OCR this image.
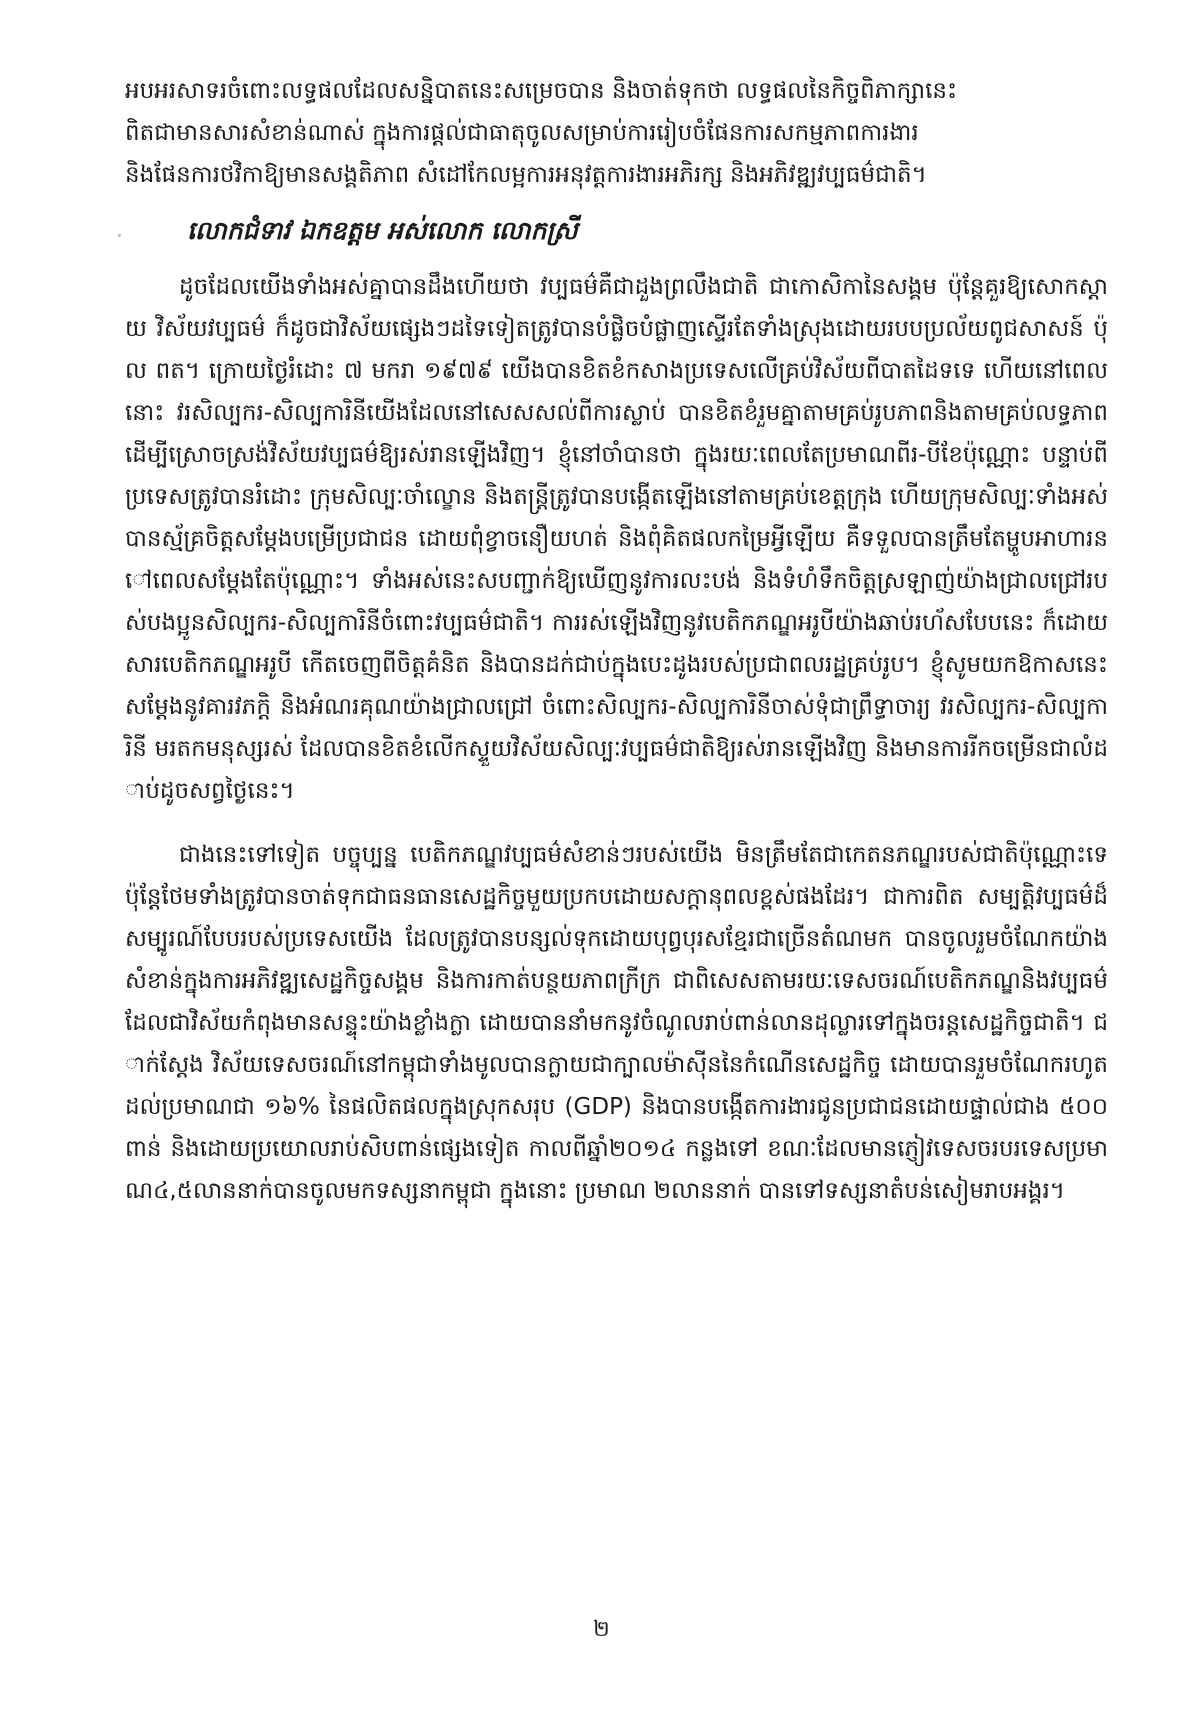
អបអរសាទរចំពោះលទ្ធផលដែលសន្និបាតនេះសម្រេចបាន និងចាត់ទុកថា លទ្ធផលនៃកិច្ចពិភាក្សានេះ
ពិតជាមានសារសំខាន់ណាស់ ក្នុងការផ្តល់ជាធាតុចូលសម្រាប់ការរៀបចំផែនការសកម្មភាពការងារ
និងផែនការថវិកាឱ្យមានសង្គតិភាព សំដៅកែលម្អការអនុវត្តការងារអភិរក្ស និងអភិវឌ្ឍវប្បធម៌ជាតិ។

លោកជំទាវ ឯកឧត្តម អស់លោក លោកស្រី

ដូចដែលយើងទាំងអស់គ្នាបានដឹងហើយថា វប្បធម៌គឺជាដួងព្រលឹងជាតិ ជាកោសិកានៃសង្គម ប៉ុន្តែគួរឱ្យសោកស្តាយ វិស័យវប្បធម៌ ក៏ដូចជាវិស័យផ្សេងៗដទៃទៀតត្រូវបានបំផ្លិចបំផ្លាញស្ទើរតែទាំងស្រុងដោយរបបប្រល័យពូជសាសន៍ ប៉ុល ពត។ ក្រោយថ្ងៃរំដោះ ៧ មករា ១៩៧៩ យើងបានខិតខំកសាងប្រទេសលើគ្រប់វិស័យពីបាតដៃទទេ ហើយនៅពេលនោះ វរសិល្បករ-សិល្បការិនីយើងដែលនៅសេសសល់ពីការស្លាប់ បានខិតខំរួមគ្នាតាមគ្រប់រូបភាពនិងតាមគ្រប់លទ្ធភាព ដើម្បីស្រោចស្រង់វិស័យវប្បធម៌ឱ្យរស់រានឡើងវិញ។ ខ្ញុំនៅចាំបានថា ក្នុងរយៈពេលតែប្រមាណពីរ-បីខែប៉ុណ្ណោះ បន្ទាប់ពីប្រទេសត្រូវបានរំដោះ ក្រុមសិល្បៈចាំល្ខោន និងតន្ត្រីត្រូវបានបង្កើតឡើងនៅតាមគ្រប់ខេត្តក្រុង ហើយក្រុមសិល្បៈទាំងអស់បានស្ម័គ្រចិត្តសម្តែងបម្រើប្រជាជន ដោយពុំខ្វាចនឿយហត់ និងពុំគិតផលកម្រៃអ្វីឡើយ គឺទទួលបានត្រឹមតែម្ហូបអាហារនៅពេលសម្តែងតែប៉ុណ្ណោះ។ ទាំងអស់នេះសបញ្ជាក់ឱ្យឃើញនូវការលះបង់ និងទំហំទឹកចិត្តស្រឡាញ់យ៉ាងជ្រាលជ្រៅរបស់បងប្អូនសិល្បករ-សិល្បការិនីចំពោះវប្បធម៌ជាតិ។ ការរស់ឡើងវិញនូវបេតិកភណ្ឌអរូបីយ៉ាងឆាប់រហ័សបែបនេះ ក៏ដោយសារបេតិកភណ្ឌអរូបី កើតចេញពីចិត្តគំនិត និងបានដក់ជាប់ក្នុងបេះដូងរបស់ប្រជាពលរដ្ឋគ្រប់រូប។ ខ្ញុំសូមយកឱកាសនេះ សម្តែងនូវគារវភក្តិ និងអំណរគុណយ៉ាងជ្រាលជ្រៅ ចំពោះសិល្បករ-សិល្បការិនីចាស់ទុំជាព្រឹទ្ធាចារ្យ វរសិល្បករ-សិល្បការិនី មរតកមនុស្សរស់ ដែលបានខិតខំលើកស្ទួយវិស័យសិល្បៈវប្បធម៌ជាតិឱ្យរស់រានឡើងវិញ និងមានការរីកចម្រើនជាលំដាប់ដូចសព្វថ្ងៃនេះ។

ជាងនេះទៅទៀត បច្ចុប្បន្ន បេតិកភណ្ឌវប្បធម៌សំខាន់ៗរបស់យើង មិនត្រឹមតែជាកេតនភណ្ឌរបស់ជាតិប៉ុណ្ណោះទេ ប៉ុន្តែថែមទាំងត្រូវបានចាត់ទុកជាធនធានសេដ្ឋកិច្ចមួយប្រកបដោយសក្តានុពលខ្ពស់ផងដែរ។ ជាការពិត សម្បត្តិវប្បធម៌ដ៏សម្បូរណ៍បែបរបស់ប្រទេសយើង ដែលត្រូវបានបន្សល់ទុកដោយបុព្វបុរសខ្មែរជាច្រើនតំណមក បានចូលរួមចំណែកយ៉ាងសំខាន់ក្នុងការអភិវឌ្ឍសេដ្ឋកិច្ចសង្គម និងការកាត់បន្ថយភាពក្រីក្រ ជាពិសេសតាមរយៈទេសចរណ៍បេតិកភណ្ឌនិងវប្បធម៌ដែលជាវិស័យកំពុងមានសន្ទុះយ៉ាងខ្លាំងក្លា ដោយបាននាំមកនូវចំណូលរាប់ពាន់លានដុល្លារទៅក្នុងចរន្តសេដ្ឋកិច្ចជាតិ។ ជាក់ស្តែង វិស័យទេសចរណ៍នៅកម្ពុជាទាំងមូលបានក្លាយជាក្បាលម៉ាស៊ីននៃកំណើនសេដ្ឋកិច្ច ដោយបានរួមចំណែករហូតដល់ប្រមាណជា ១៦% នៃផលិតផលក្នុងស្រុកសរុប (GDP) និងបានបង្កើតការងារជូនប្រជាជនដោយផ្ទាល់ជាង ៥០០ពាន់ និងដោយប្រយោលរាប់សិបពាន់ផ្សេងទៀត កាលពីឆ្នាំ២០១៤ កន្លងទៅ ខណៈដែលមានភ្ញៀវទេសចរបរទេសប្រមាណ៤,៥លាននាក់បានចូលមកទស្សនាកម្ពុជា ក្នុងនោះ ប្រមាណ ២លាននាក់ បានទៅទស្សនាតំបន់សៀមរាបអង្គរ។

២
